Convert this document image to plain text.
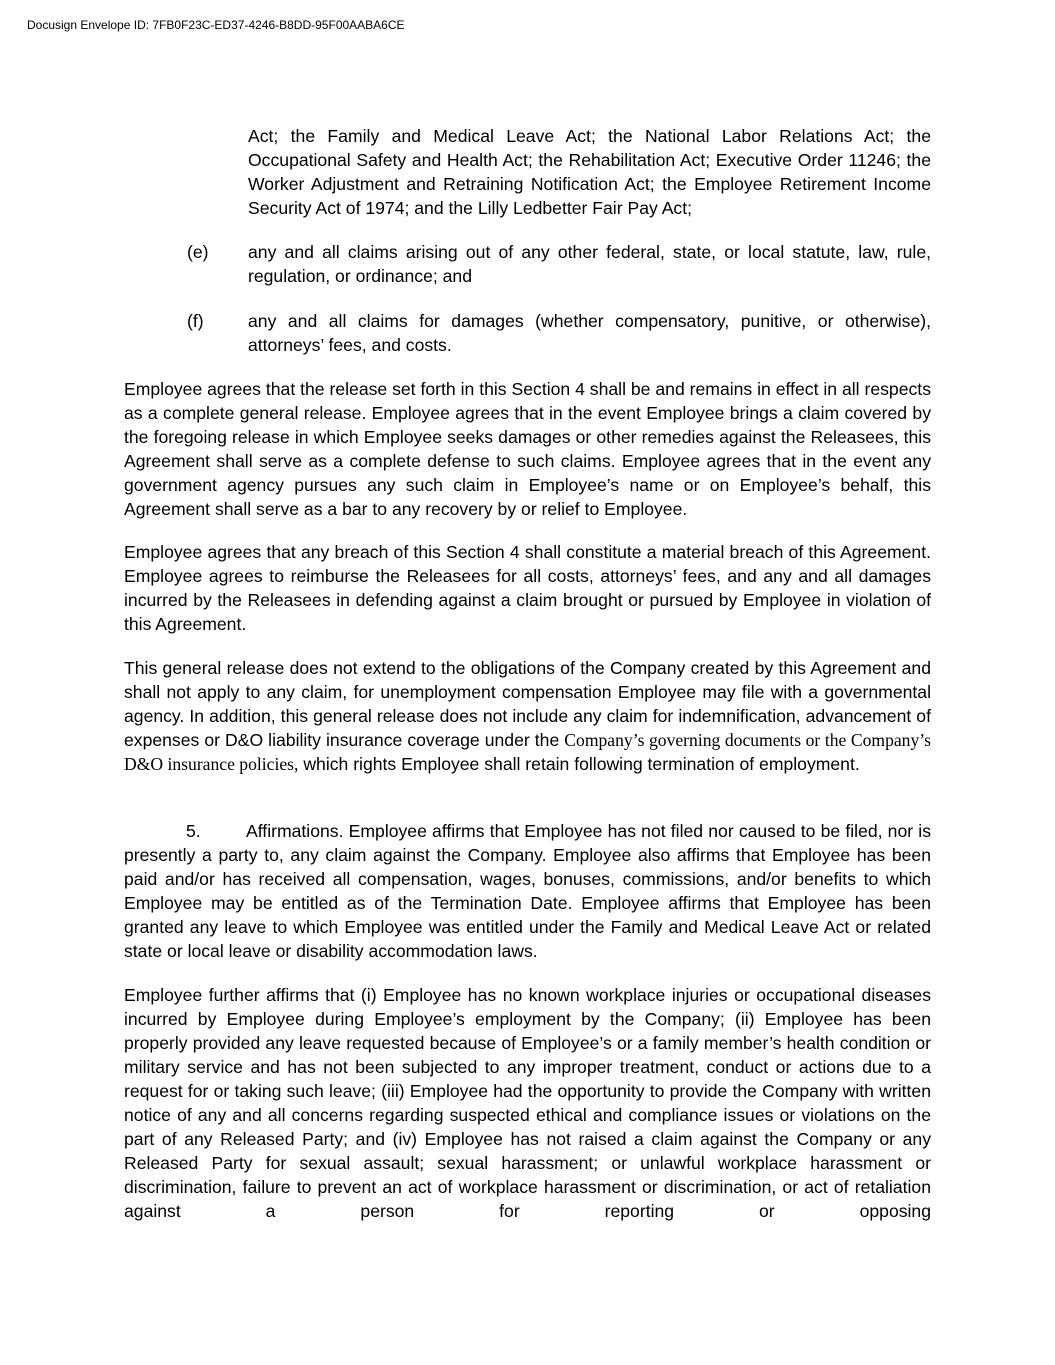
Docusign Envelope ID: 7FB0F23C-ED37-4246-B8DD-95F00AABA6CE
Act; the Family and Medical Leave Act; the National Labor Relations Act; the Occupational Safety and Health Act; the Rehabilitation Act; Executive Order 11246; the Worker Adjustment and Retraining Notification Act; the Employee Retirement Income Security Act of 1974; and the Lilly Ledbetter Fair Pay Act;
(e)	any and all claims arising out of any other federal, state, or local statute, law, rule, regulation, or ordinance; and
(f)	any and all claims for damages (whether compensatory, punitive, or otherwise), attorneys’ fees, and costs.
Employee agrees that the release set forth in this Section 4 shall be and remains in effect in all respects as a complete general release. Employee agrees that in the event Employee brings a claim covered by the foregoing release in which Employee seeks damages or other remedies against the Releasees, this Agreement shall serve as a complete defense to such claims. Employee agrees that in the event any government agency pursues any such claim in Employee’s name or on Employee’s behalf, this Agreement shall serve as a bar to any recovery by or relief to Employee.
Employee agrees that any breach of this Section 4 shall constitute a material breach of this Agreement. Employee agrees to reimburse the Releasees for all costs, attorneys’ fees, and any and all damages incurred by the Releasees in defending against a claim brought or pursued by Employee in violation of this Agreement.
This general release does not extend to the obligations of the Company created by this Agreement and shall not apply to any claim, for unemployment compensation Employee may file with a governmental agency. In addition, this general release does not include any claim for indemnification, advancement of expenses or D&O liability insurance coverage under the Company’s governing documents or the Company’s D&O insurance policies, which rights Employee shall retain following termination of employment.
5.	Affirmations. Employee affirms that Employee has not filed nor caused to be filed, nor is presently a party to, any claim against the Company. Employee also affirms that Employee has been paid and/or has received all compensation, wages, bonuses, commissions, and/or benefits to which Employee may be entitled as of the Termination Date. Employee affirms that Employee has been granted any leave to which Employee was entitled under the Family and Medical Leave Act or related state or local leave or disability accommodation laws.
Employee further affirms that (i) Employee has no known workplace injuries or occupational diseases incurred by Employee during Employee’s employment by the Company; (ii) Employee has been properly provided any leave requested because of Employee’s or a family member’s health condition or military service and has not been subjected to any improper treatment, conduct or actions due to a request for or taking such leave; (iii) Employee had the opportunity to provide the Company with written notice of any and all concerns regarding suspected ethical and compliance issues or violations on the part of any Released Party; and (iv) Employee has not raised a claim against the Company or any Released Party for sexual assault; sexual harassment; or unlawful workplace harassment or discrimination, failure to prevent an act of workplace harassment or discrimination, or act of retaliation against a person for reporting or opposing
